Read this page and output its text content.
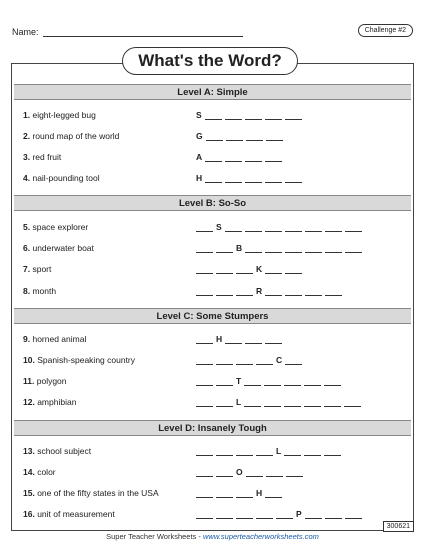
Name:	Challenge #2
What's the Word?
Level A: Simple
1. eight-legged bug	S
2. round map of the world	G
3. red fruit	A
4. nail-pounding tool	H
Level B: So-So
5. space explorer	S
6. underwater boat	B
7. sport	K
8. month	R
Level C: Some Stumpers
9. horned animal	H
10. Spanish-speaking country	C
11. polygon	T
12. amphibian	L
Level D: Insanely Tough
13. school subject	L
14. color	O
15. one of the fifty states in the USA	H
16. unit of measurement	P
Super Teacher Worksheets - www.superteacherworksheets.com
300621
